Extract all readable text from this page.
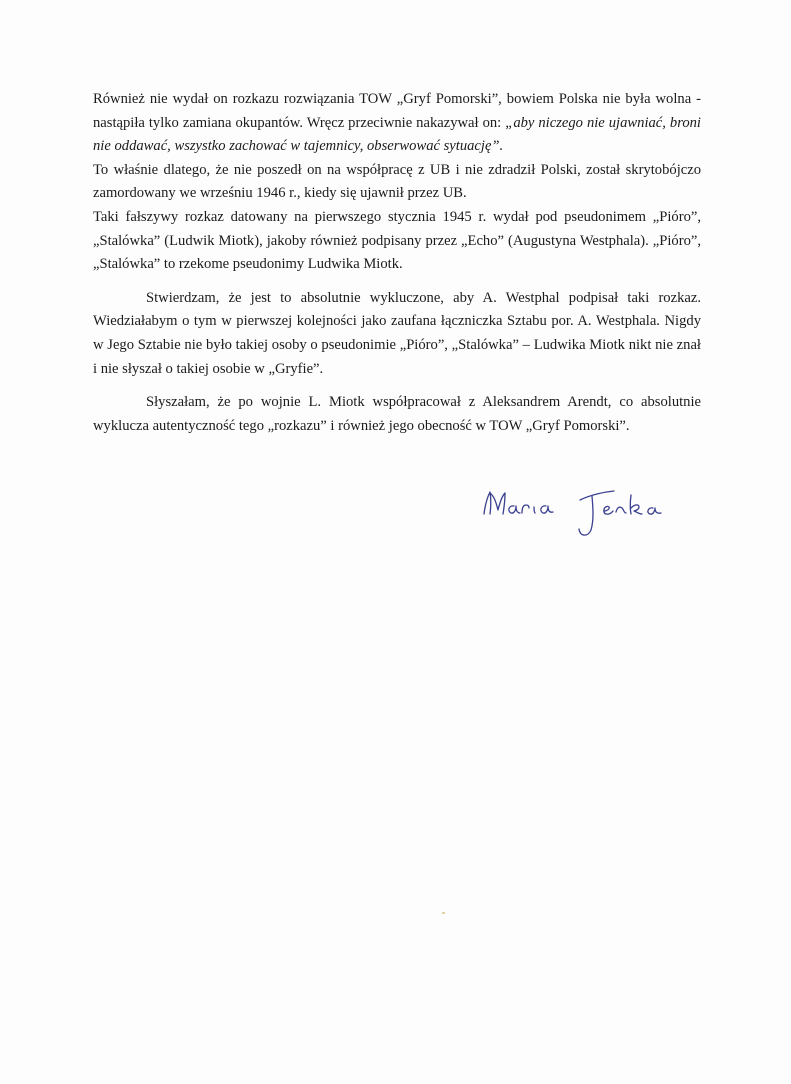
Również nie wydał on rozkazu rozwiązania TOW „Gryf Pomorski”, bowiem Polska nie była wolna - nastąpiła tylko zamiana okupantów. Wręcz przeciwnie nakazywał on: „aby niczego nie ujawniać, broni nie oddawać, wszystko zachować w tajemnicy, obserwować sytuację”.

To właśnie dlatego, że nie poszedł on na współpracę z UB i nie zdradził Polski, został skrytobójczo zamordowany we wrześniu 1946 r., kiedy się ujawnił przez UB.

Taki fałszywy rozkaz datowany na pierwszego stycznia 1945 r. wydał pod pseudonimem „Pióro”, „Stalówka” (Ludwik Miotk), jakoby również podpisany przez „Echo” (Augustyna Westphala). „Pióro”, „Stalówka” to rzekome pseudonimy Ludwika Miotk.

Stwierdzam, że jest to absolutnie wykluczone, aby A. Westphal podpisał taki rozkaz. Wiedziałabym o tym w pierwszej kolejności jako zaufana łączniczka Sztabu por. A. Westphala. Nigdy w Jego Sztabie nie było takiej osoby o pseudonimie „Pióro”, „Stalówka” – Ludwika Miotk nikt nie znał i nie słyszał o takiej osobie w „Gryfie”.

Słyszałam, że po wojnie L. Miotk współpracował z Aleksandrem Arendt, co absolutnie wyklucza autentyczność tego „rozkazu” i również jego obecność w TOW „Gryf Pomorski”.
